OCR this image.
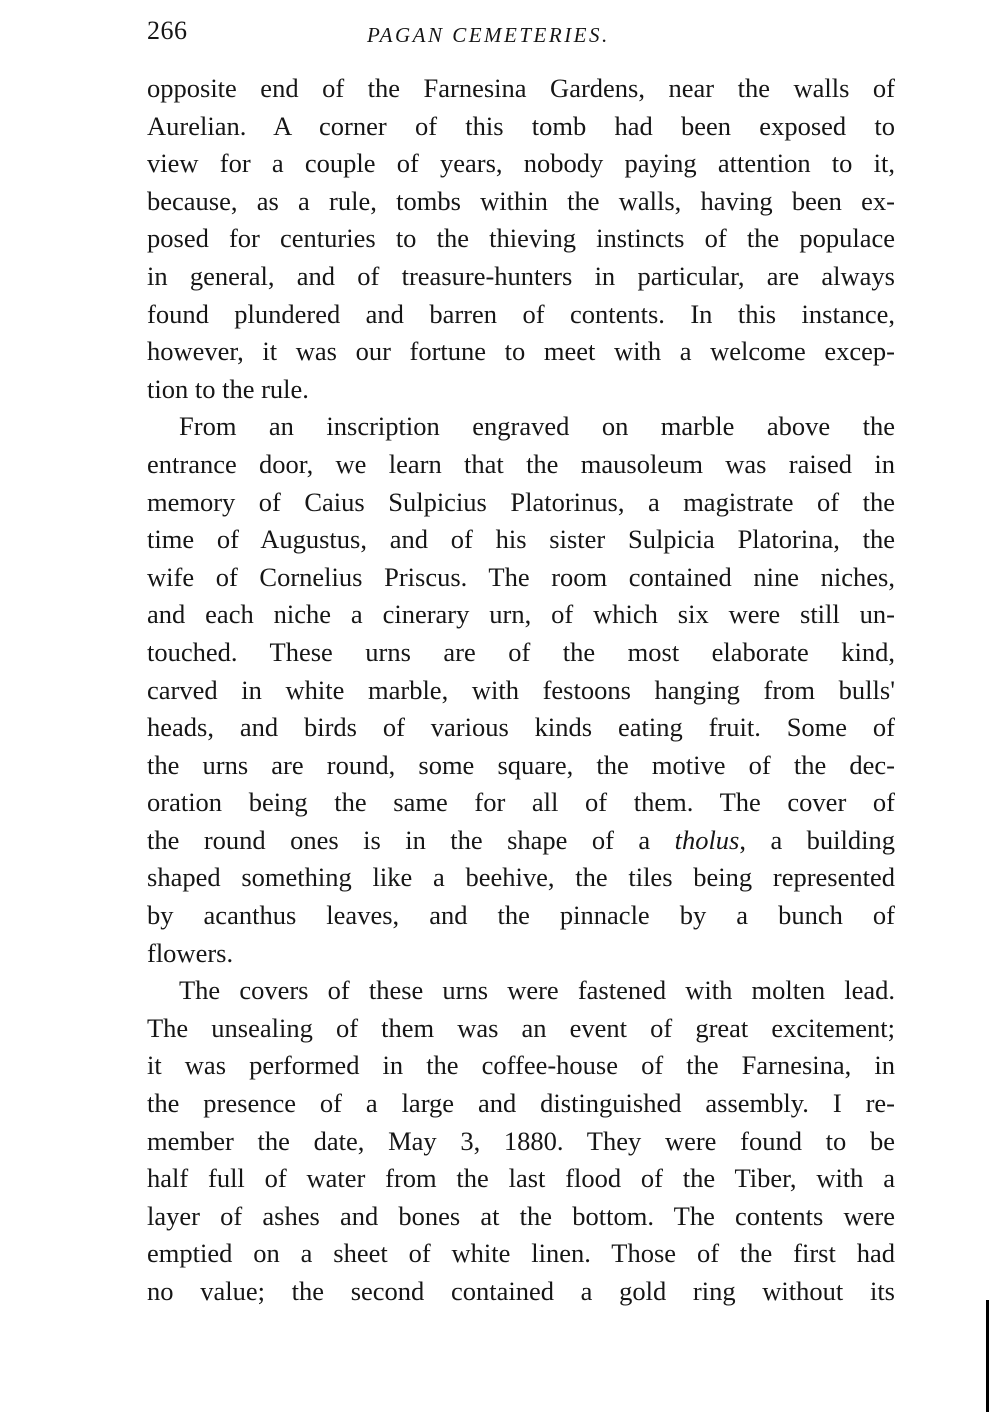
266	PAGAN CEMETERIES.
opposite end of the Farnesina Gardens, near the walls of
Aurelian. A corner of this tomb had been exposed to
view for a couple of years, nobody paying attention to it,
because, as a rule, tombs within the walls, having been ex-
posed for centuries to the thieving instincts of the populace
in general, and of treasure-hunters in particular, are always
found plundered and barren of contents. In this instance,
however, it was our fortune to meet with a welcome excep-
tion to the rule.
From an inscription engraved on marble above the
entrance door, we learn that the mausoleum was raised in
memory of Caius Sulpicius Platorinus, a magistrate of the
time of Augustus, and of his sister Sulpicia Platorina, the
wife of Cornelius Priscus. The room contained nine niches,
and each niche a cinerary urn, of which six were still un-
touched. These urns are of the most elaborate kind,
carved in white marble, with festoons hanging from bulls'
heads, and birds of various kinds eating fruit. Some of
the urns are round, some square, the motive of the dec-
oration being the same for all of them. The cover of
the round ones is in the shape of a tholus, a building
shaped something like a beehive, the tiles being represented
by acanthus leaves, and the pinnacle by a bunch of
flowers.
The covers of these urns were fastened with molten lead.
The unsealing of them was an event of great excitement;
it was performed in the coffee-house of the Farnesina, in
the presence of a large and distinguished assembly. I re-
member the date, May 3, 1880. They were found to be
half full of water from the last flood of the Tiber, with a
layer of ashes and bones at the bottom. The contents were
emptied on a sheet of white linen. Those of the first had
no value; the second contained a gold ring without its
